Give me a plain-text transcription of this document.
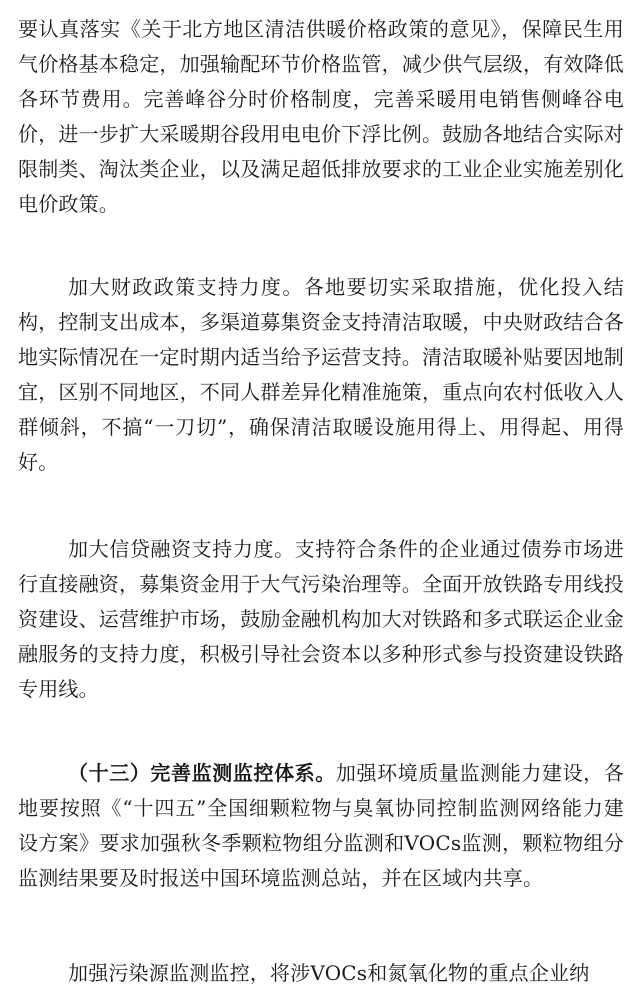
要认真落实《关于北方地区清洁供暖价格政策的意见》，保障民生用气价格基本稳定，加强输配环节价格监管，减少供气层级，有效降低各环节费用。完善峰谷分时价格制度，完善采暖用电销售侧峰谷电价，进一步扩大采暖期谷段用电电价下浮比例。鼓励各地结合实际对限制类、淘汰类企业，以及满足超低排放要求的工业企业实施差别化电价政策。

加大财政政策支持力度。各地要切实采取措施，优化投入结构，控制支出成本，多渠道募集资金支持清洁取暖，中央财政结合各地实际情况在一定时期内适当给予运营支持。清洁取暖补贴要因地制宜，区别不同地区，不同人群差异化精准施策，重点向农村低收入人群倾斜，不搞“一刀切”，确保清洁取暖设施用得上、用得起、用得好。

加大信贷融资支持力度。支持符合条件的企业通过债券市场进行直接融资，募集资金用于大气污染治理等。全面开放铁路专用线投资建设、运营维护市场，鼓励金融机构加大对铁路和多式联运企业金融服务的支持力度，积极引导社会资本以多种形式参与投资建设铁路专用线。

（十三）完善监测监控体系。加强环境质量监测能力建设，各地要按照《“十四五”全国细颗粒物与臭氧协同控制监测网络能力建设方案》要求加强秋冬季颗粒物组分监测和VOCs监测，颗粒物组分监测结果要及时报送中国环境监测总站，并在区域内共享。

加强污染源监测监控，将涉VOCs和氮氧化物的重点企业纳
